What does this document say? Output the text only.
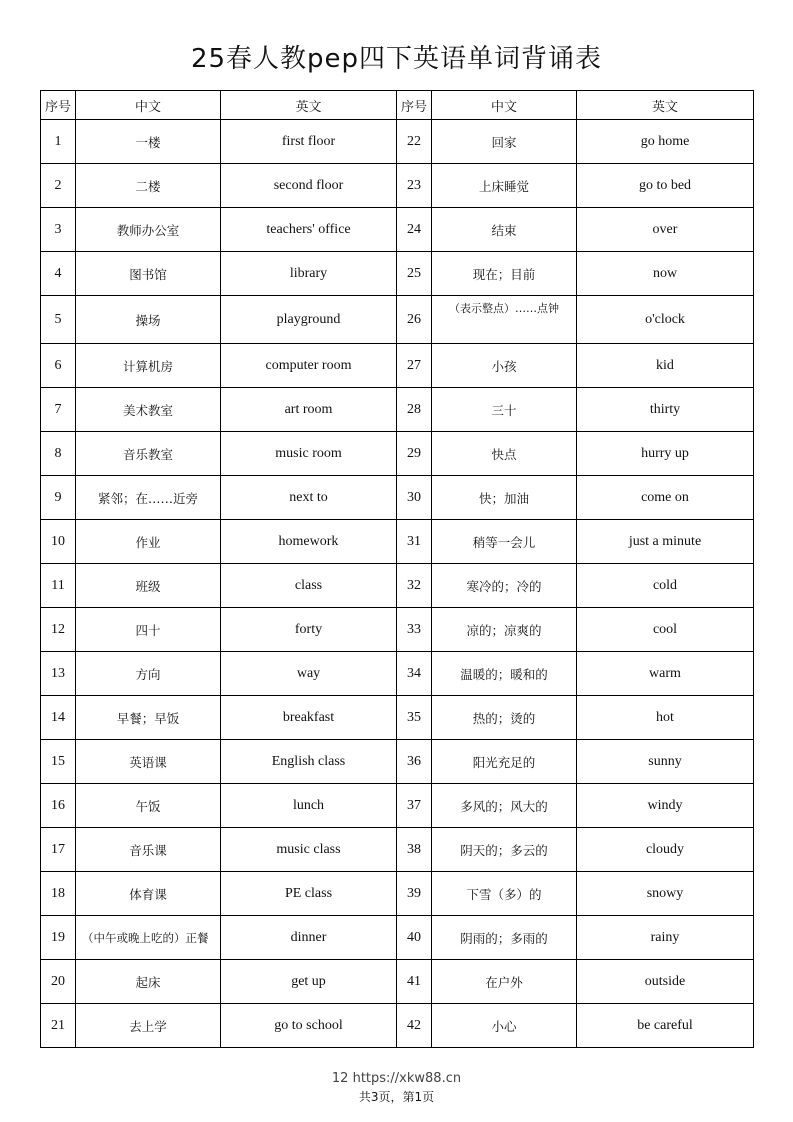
25春人教pep四下英语单词背诵表
序号	中文	英文	序号	中文	英文
1	一楼	first floor	22	回家	go home
2	二楼	second floor	23	上床睡觉	go to bed
3	教师办公室	teachers' office	24	结束	over
4	图书馆	library	25	现在；目前	now
5	操场	playground	26	（表示整点）……点钟	o'clock
6	计算机房	computer room	27	小孩	kid
7	美术教室	art room	28	三十	thirty
8	音乐教室	music room	29	快点	hurry up
9	紧邻；在……近旁	next to	30	快；加油	come on
10	作业	homework	31	稍等一会儿	just a minute
11	班级	class	32	寒冷的；冷的	cold
12	四十	forty	33	凉的；凉爽的	cool
13	方向	way	34	温暖的；暖和的	warm
14	早餐；早饭	breakfast	35	热的；烫的	hot
15	英语课	English class	36	阳光充足的	sunny
16	午饭	lunch	37	多风的；风大的	windy
17	音乐课	music class	38	阴天的；多云的	cloudy
18	体育课	PE class	39	下雪（多）的	snowy
19	（中午或晚上吃的）正餐	dinner	40	阴雨的；多雨的	rainy
20	起床	get up	41	在户外	outside
21	去上学	go to school	42	小心	be careful
12 https://xkw88.cn
共3页，第1页
